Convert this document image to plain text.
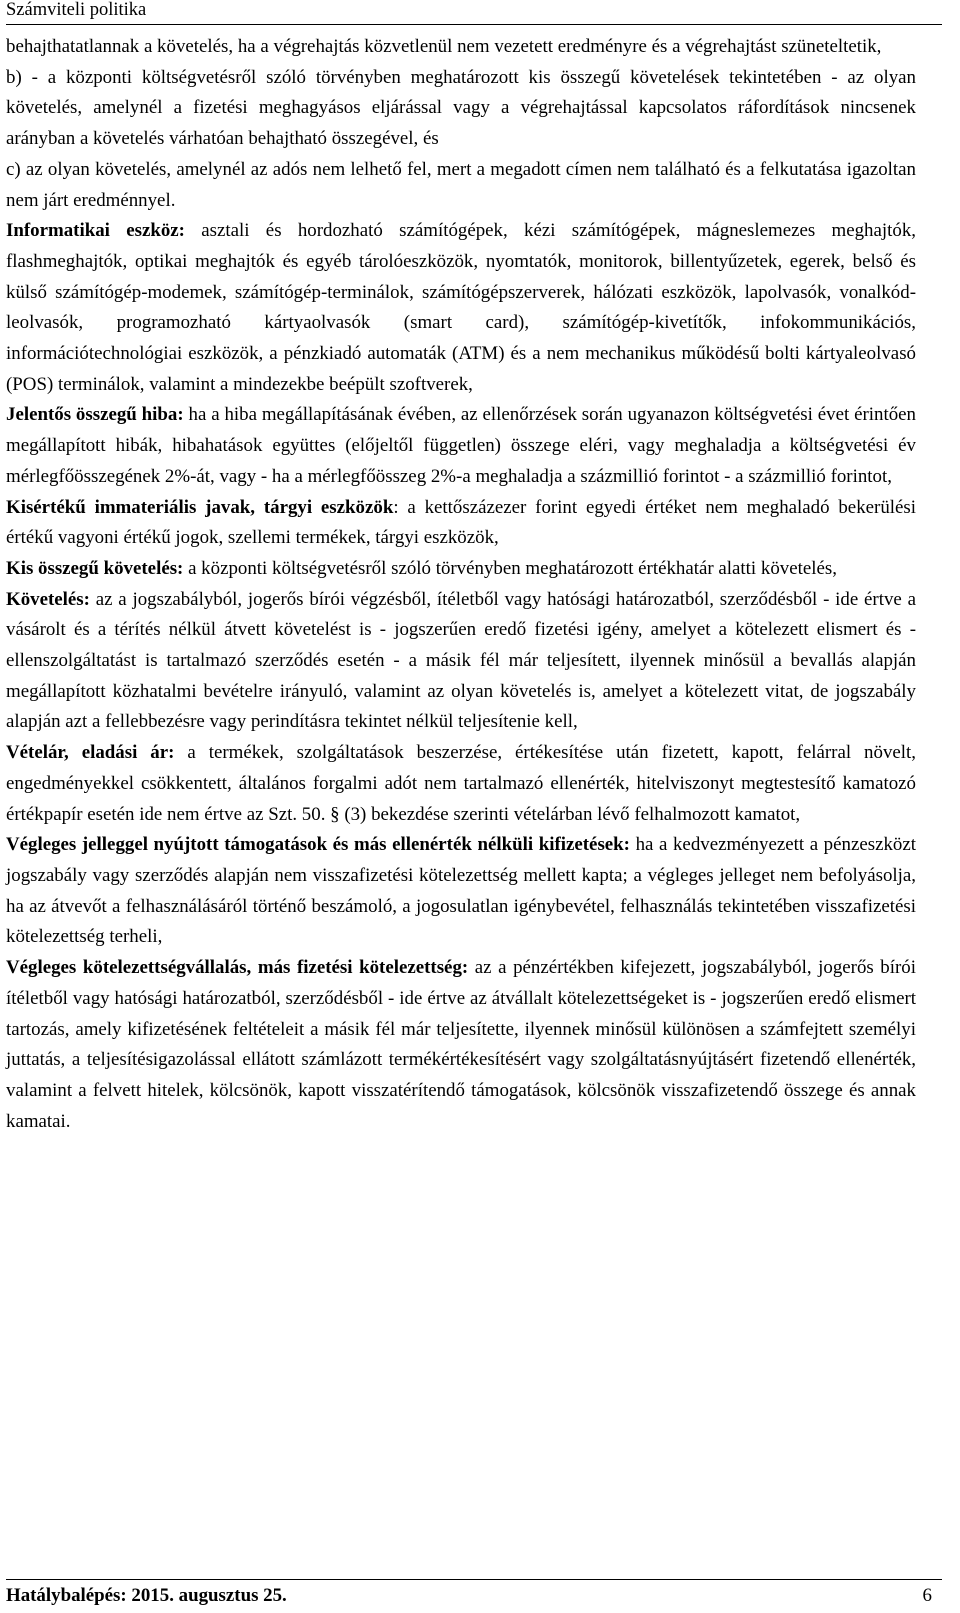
Számviteli politika

behajthatatlannak a követelés, ha a végrehajtás közvetlenül nem vezetett eredményre és a végrehajtást szüneteltetik,

b) - a központi költségvetésről szóló törvényben meghatározott kis összegű követelések tekintetében - az olyan követelés, amelynél a fizetési meghagyásos eljárással vagy a végrehajtással kapcsolatos ráfordítások nincsenek arányban a követelés várhatóan behajtható összegével, és

c) az olyan követelés, amelynél az adós nem lelhető fel, mert a megadott címen nem található és a felkutatása igazoltan nem járt eredménnyel.

Informatikai eszköz: asztali és hordozható számítógépek, kézi számítógépek, mágneslemezes meghajtók, flashmeghajtók, optikai meghajtók és egyéb tárolóeszközök, nyomtatók, monitorok, billentyűzetek, egerek, belső és külső számítógép-modemek, számítógép-terminálok, számítógépszerverek, hálózati eszközök, lapolvasók, vonalkód-leolvasók, programozható kártyaolvasók (smart card), számítógép-kivetítők, infokommunikációs, információtechnológiai eszközök, a pénzkiadó automaták (ATM) és a nem mechanikus működésű bolti kártyaleolvasó (POS) terminálok, valamint a mindezekbe beépült szoftverek,

Jelentős összegű hiba: ha a hiba megállapításának évében, az ellenőrzések során ugyanazon költségvetési évet érintően megállapított hibák, hibahatások együttes (előjeltől független) összege eléri, vagy meghaladja a költségvetési év mérlegfőösszegének 2%-át, vagy - ha a mérlegfőösszeg 2%-a meghaladja a százmillió forintot - a százmillió forintot,

Kisértékű immateriális javak, tárgyi eszközök: a kettőszázezer forint egyedi értéket nem meghaladó bekerülési értékű vagyoni értékű jogok, szellemi termékek, tárgyi eszközök,

Kis összegű követelés: a központi költségvetésről szóló törvényben meghatározott értékhatár alatti követelés,

Követelés: az a jogszabályból, jogerős bírói végzésből, ítéletből vagy hatósági határozatból, szerződésből - ide értve a vásárolt és a térítés nélkül átvett követelést is - jogszerűen eredő fizetési igény, amelyet a kötelezett elismert és - ellenszolgáltatást is tartalmazó szerződés esetén - a másik fél már teljesített, ilyennek minősül a bevallás alapján megállapított közhatalmi bevételre irányuló, valamint az olyan követelés is, amelyet a kötelezett vitat, de jogszabály alapján azt a fellebbezésre vagy perindításra tekintet nélkül teljesítenie kell,

Vételár, eladási ár: a termékek, szolgáltatások beszerzése, értékesítése után fizetett, kapott, felárral növelt, engedményekkel csökkentett, általános forgalmi adót nem tartalmazó ellenérték, hitelviszonyt megtestesítő kamatozó értékpapír esetén ide nem értve az Szt. 50. § (3) bekezdése szerinti vételárban lévő felhalmozott kamatot,

Végleges jelleggel nyújtott támogatások és más ellenérték nélküli kifizetések: ha a kedvezményezett a pénzeszközt jogszabály vagy szerződés alapján nem visszafizetési kötelezettség mellett kapta; a végleges jelleget nem befolyásolja, ha az átvevőt a felhasználásáról történő beszámoló, a jogosulatlan igénybevétel, felhasználás tekintetében visszafizetési kötelezettség terheli,

Végleges kötelezettségvállalás, más fizetési kötelezettség: az a pénzértékben kifejezett, jogszabályból, jogerős bírói ítéletből vagy hatósági határozatból, szerződésből - ide értve az átvállalt kötelezettségeket is - jogszerűen eredő elismert tartozás, amely kifizetésének feltételeit a másik fél már teljesítette, ilyennek minősül különösen a számfejtett személyi juttatás, a teljesítésigazolással ellátott számlázott termékértékesítésért vagy szolgáltatásnyújtásért fizetendő ellenérték, valamint a felvett hitelek, kölcsönök, kapott visszatérítendő támogatások, kölcsönök visszafizetendő összege és annak kamatai.

Hatálybalépés: 2015. augusztus 25.	6
